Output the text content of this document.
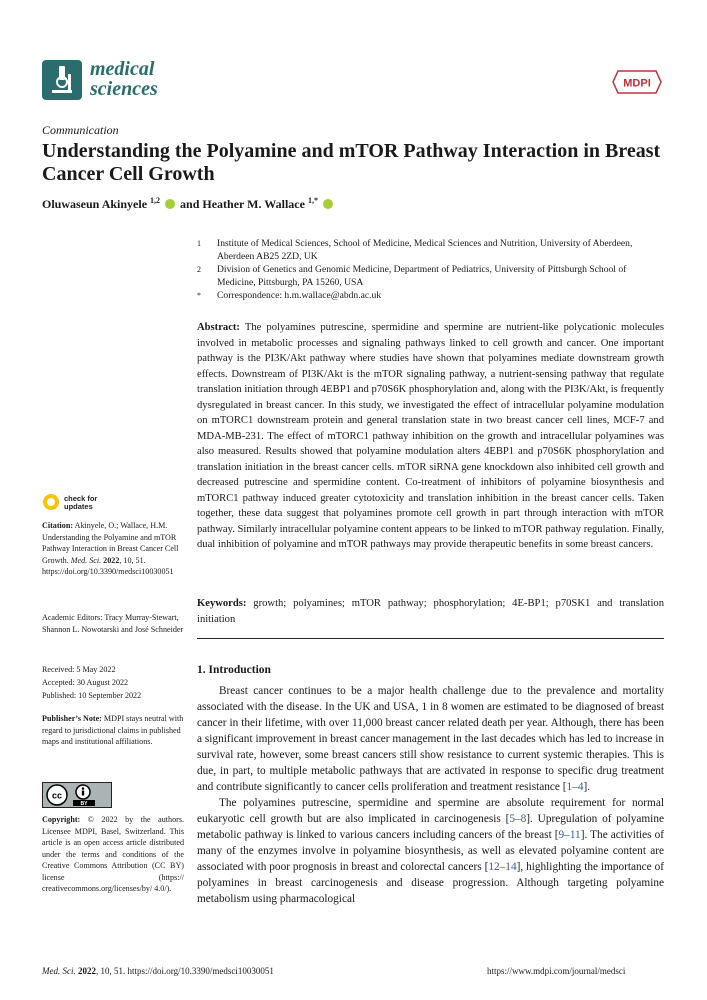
medical
sciences	MDPI
Communication
Understanding the Polyamine and mTOR Pathway Interaction in Breast Cancer Cell Growth
Oluwaseun Akinyele $^{1,2}$ and Heather M. Wallace $^{1,*}$
1 Institute of Medical Sciences, School of Medicine, Medical Sciences and Nutrition, University of Aberdeen, Aberdeen AB25 2ZD, UK
2 Division of Genetics and Genomic Medicine, Department of Pediatrics, University of Pittsburgh School of Medicine, Pittsburgh, PA 15260, USA
* Correspondence: h.m.wallace@abdn.ac.uk
Abstract: The polyamines putrescine, spermidine and spermine are nutrient-like polycationic molecules involved in metabolic processes and signaling pathways linked to cell growth and cancer. One important pathway is the PI3K/Akt pathway where studies have shown that polyamines mediate downstream growth effects. Downstream of PI3K/Akt is the mTOR signaling pathway, a nutrient-sensing pathway that regulate translation initiation through 4EBP1 and p70S6K phosphorylation and, along with the PI3K/Akt, is frequently dysregulated in breast cancer. In this study, we investigated the effect of intracellular polyamine modulation on mTORC1 downstream protein and general translation state in two breast cancer cell lines, MCF-7 and MDA-MB-231. The effect of mTORC1 pathway inhibition on the growth and intracellular polyamines was also measured. Results showed that polyamine modulation alters 4EBP1 and p70S6K phosphorylation and translation initiation in the breast cancer cells. mTOR siRNA gene knockdown also inhibited cell growth and decreased putrescine and spermidine content. Co-treatment of inhibitors of polyamine biosynthesis and mTORC1 pathway induced greater cytotoxicity and translation inhibition in the breast cancer cells. Taken together, these data suggest that polyamines promote cell growth in part through interaction with mTOR pathway. Similarly intracellular polyamine content appears to be linked to mTOR pathway regulation. Finally, dual inhibition of polyamine and mTOR pathways may provide therapeutic benefits in some breast cancers.
Keywords: growth; polyamines; mTOR pathway; phosphorylation; 4E-BP1; p70SK1 and translation initiation
check for
updates
Citation: Akinyele, O.; Wallace, H.M. Understanding the Polyamine and mTOR Pathway Interaction in Breast Cancer Cell Growth. Med. Sci. 2022, 10, 51. https://doi.org/10.3390/medsci10030051
Academic Editors: Tracy Murray-Stewart, Shannon L. Nowotarski and José Schneider
Received: 5 May 2022
Accepted: 30 August 2022
Published: 10 September 2022
Publisher’s Note: MDPI stays neutral with regard to jurisdictional claims in published maps and institutional affiliations.
cc
BY
Copyright: © 2022 by the authors. Licensee MDPI, Basel, Switzerland. This article is an open access article distributed under the terms and conditions of the Creative Commons Attribution (CC BY) license (https:// creativecommons.org/licenses/by/ 4.0/).
1. Introduction

Breast cancer continues to be a major health challenge due to the prevalence and mortality associated with the disease. In the UK and USA, 1 in 8 women are estimated to be diagnosed of breast cancer in their lifetime, with over 11,000 breast cancer related death per year. Although, there has been a significant improvement in breast cancer management in the last decades which has led to increase in survival rate, however, some breast cancers still show resistance to current systemic therapies. This is due, in part, to multiple metabolic pathways that are activated in response to specific drug treatment and contribute significantly to cancer cells proliferation and treatment resistance [1–4].

The polyamines putrescine, spermidine and spermine are absolute requirement for normal eukaryotic cell growth but are also implicated in carcinogenesis [5–8]. Upregulation of polyamine metabolic pathway is linked to various cancers including cancers of the breast [9–11]. The activities of many of the enzymes involve in polyamine biosynthesis, as well as elevated polyamine content are associated with poor prognosis in breast and colorectal cancers [12–14], highlighting the importance of polyamines in breast carcinogenesis and disease progression. Although targeting polyamine metabolism using pharmacological

Med. Sci. 2022, 10, 51. https://doi.org/10.3390/medsci10030051	https://www.mdpi.com/journal/medsci
